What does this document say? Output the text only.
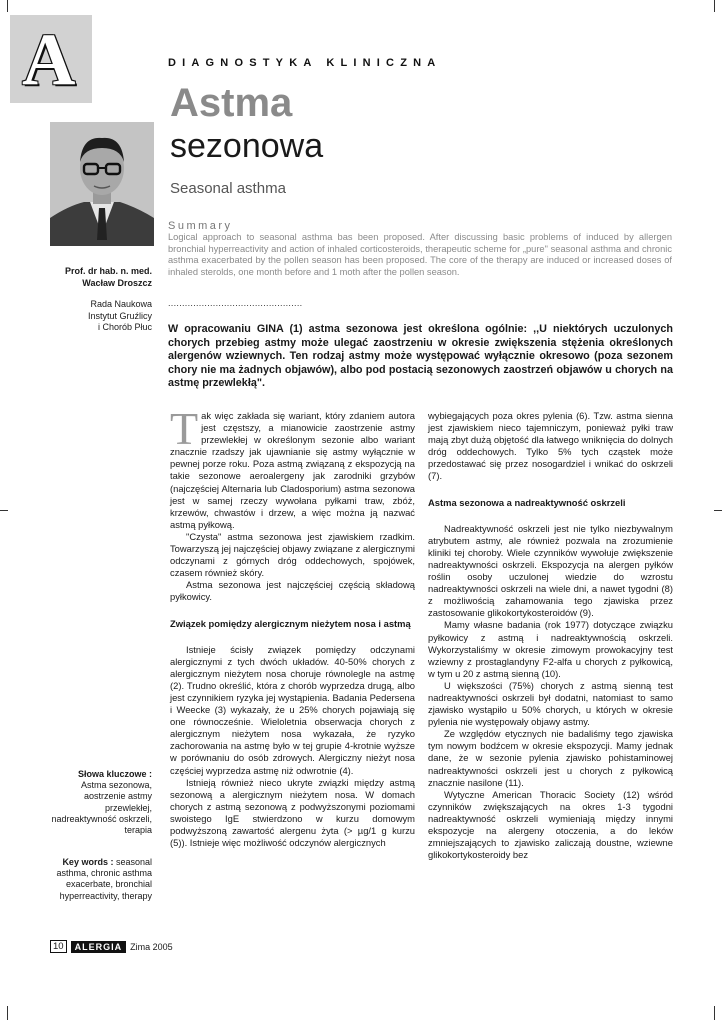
A	DIAGNOSTYKA KLINICZNA
Astma
sezonowa
Seasonal asthma
Prof. dr hab. n. med.
Wacław Droszcz
Rada Naukowa
Instytut Gruźlicy
i Chorób Płuc
Summary
Logical approach to seasonal asthma bas been proposed. After discussing basic problems of induced by allergen bronchial hyperreactivity and action of inhaled corticosteroids, therapeutic scheme for „pure" seasonal asthma and chronic asthma exacerbated by the pollen season has been proposed. The core of the therapy are induced or increased doses of inhaled sterolds, one month before and 1 moth after the pollen season.
................................................
W opracowaniu GINA (1) astma sezonowa jest określona ogólnie: ,,U niektórych uczulonych chorych przebieg astmy może ulegać zaostrzeniu w okresie zwiększenia stężenia określonych alergenów wziewnych. Ten rodzaj astmy może występować wyłącznie okresowo (poza sezonem chory nie ma żadnych objawów), albo pod postacią sezonowych zaostrzeń objawów u chorych na astmę przewlekłą".

Tak więc zakłada się wariant, który zdaniem autora jest częstszy, a mianowicie zaostrzenie astmy przewlekłej w określonym sezonie albo wariant znacznie rzadszy jak ujawnianie się astmy wyłącznie w pewnej porze roku. Poza astmą związaną z ekspozycją na takie sezonowe aeroalergeny jak zarodniki grzybów (najczęściej Alternaria lub Cladosporium) astma sezonowa jest w samej rzeczy wywołana pyłkami traw, zbóż, krzewów, chwastów i drzew, a więc można ją nazwać astmą pyłkową.

"Czysta" astma sezonowa jest zjawiskiem rzadkim. Towarzyszą jej najczęściej objawy związane z alergicznymi odczynami z górnych dróg oddechowych, spojówek, czasem również skóry.

Astma sezonowa jest najczęściej częścią składową pyłkowicy.

Związek pomiędzy alergicznym nieżytem nosa i astmą

Istnieje ścisły związek pomiędzy odczynami alergicznymi z tych dwóch układów. 40-50% chorych z alergicznym nieżytem nosa choruje równolegle na astmę (2). Trudno określić, która z chorób wyprzedza drugą, albo jest czynnikiem ryzyka jej wystąpienia. Badania Pedersena i Weecke (3) wykazały, że u 25% chorych pojawiają się one równocześnie. Wieloletnia obserwacja chorych z alergicznym nieżytem nosa wykazała, że ryzyko zachorowania na astmę było w tej grupie 4-krotnie wyższe w porównaniu do osób zdrowych. Alergiczny nieżyt nosa częściej wyprzedza astmę niż odwrotnie (4).

Istnieją również nieco ukryte związki między astmą sezonową a alergicznym nieżytem nosa. W domach chorych z astmą sezonową z podwyższonymi poziomami swoistego IgE stwierdzono w kurzu domowym podwyższoną zawartość alergenu żyta (> µg/1 g kurzu (5)). Istnieje więc możliwość odczynów alergicznych

wybiegających poza okres pylenia (6). Tzw. astma sienna jest zjawiskiem nieco tajemniczym, ponieważ pyłki traw mają zbyt dużą objętość dla łatwego wniknięcia do dolnych dróg oddechowych. Tylko 5% tych cząstek może przedostawać się przez nosogardziel i wnikać do oskrzeli (7).

Astma sezonowa a nadreaktywność oskrzeli

Nadreaktywność oskrzeli jest nie tylko niezbywalnym atrybutem astmy, ale również pozwala na zrozumienie kliniki tej choroby. Wiele czynników wywołuje zwiększenie nadreaktywności oskrzeli. Ekspozycja na alergen pyłków roślin osoby uczulonej wiedzie do wzrostu nadreaktywności oskrzeli na wiele dni, a nawet tygodni (8) z możliwością zahamowania tego zjawiska przez zastosowanie glikokortykosteroidów (9).

Mamy własne badania (rok 1977) dotyczące związku pyłkowicy z astmą i nadreaktywnością oskrzeli. Wykorzystaliśmy w okresie zimowym prowokacyjny test wziewny z prostaglandyny F2-alfa u chorych z pyłkowicą, w tym u 20 z astmą sienną (10).

U większości (75%) chorych z astmą sienną test nadreaktywności oskrzeli był dodatni, natomiast to samo zjawisko wystąpiło u 50% chorych, u których w okresie pylenia nie występowały objawy astmy.

Ze względów etycznych nie badaliśmy tego zjawiska tym nowym bodźcem w okresie ekspozycji. Mamy jednak dane, że w sezonie pylenia zjawisko pohistaminowej nadreaktywności oskrzeli jest u chorych z pyłkowicą znacznie nasilone (11).

Wytyczne American Thoracic Society (12) wśród czynników zwiększających na okres 1-3 tygodni nadreaktywność oskrzeli wymieniają między innymi ekspozycje na alergeny otoczenia, a do leków zmniejszających to zjawisko zaliczają doustne, wziewne glikokortykosteroidy bez

Słowa kluczowe :
Astma sezonowa, aostrzenie astmy przewlekłej, nadreaktywność oskrzeli, terapia
Key words : seasonal asthma, chronic asthma exacerbate, bronchial hyperreactivity, therapy
10	ALERGIA Zima 2005
